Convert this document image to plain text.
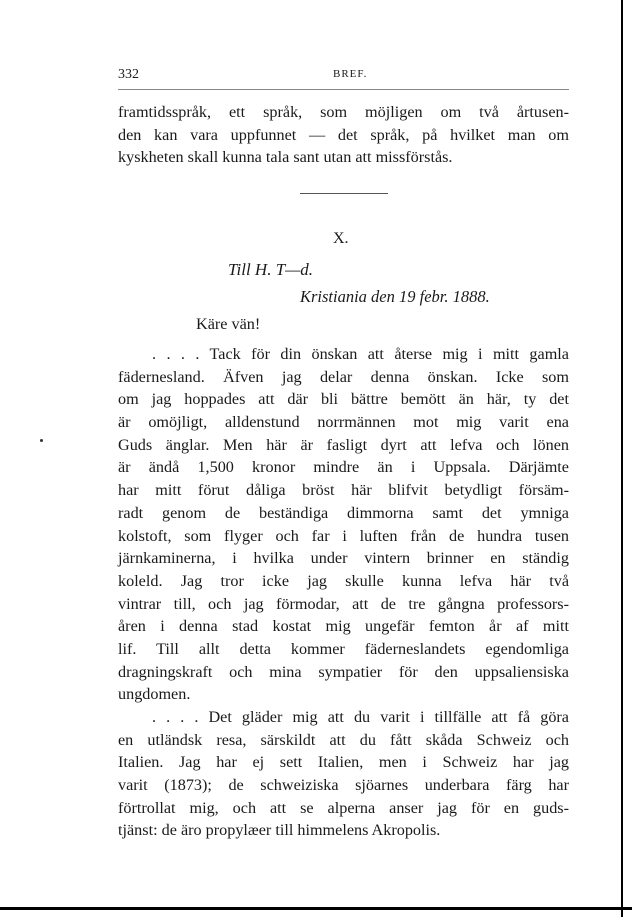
332	BREF.
framtidsspråk, ett språk, som möjligen om två årtusen-
den kan vara uppfunnet — det språk, på hvilket man om
kyskheten skall kunna tala sant utan att missförstås.
X.
Till H. T—d.
Kristiania den 19 febr. 1888.
Käre vän!
. . . . Tack för din önskan att återse mig i mitt gamla
fädernesland. Äfven jag delar denna önskan. Icke som
om jag hoppades att där bli bättre bemött än här, ty det
är omöjligt, alldenstund norrmännen mot mig varit ena
Guds änglar. Men här är fasligt dyrt att lefva och lönen
är ändå 1,500 kronor mindre än i Uppsala. Därjämte
har mitt förut dåliga bröst här blifvit betydligt försäm-
radt genom de beständiga dimmorna samt det ymniga
kolstoft, som flyger och far i luften från de hundra tusen
järnkaminerna, i hvilka under vintern brinner en ständig
koleld. Jag tror icke jag skulle kunna lefva här två
vintrar till, och jag förmodar, att de tre gångna professors-
åren i denna stad kostat mig ungefär femton år af mitt
lif. Till allt detta kommer fäderneslandets egendomliga
dragningskraft och mina sympatier för den uppsaliensiska
ungdomen.
. . . . Det gläder mig att du varit i tillfälle att få göra
en utländsk resa, särskildt att du fått skåda Schweiz och
Italien. Jag har ej sett Italien, men i Schweiz har jag
varit (1873); de schweiziska sjöarnes underbara färg har
förtrollat mig, och att se alperna anser jag för en guds-
tjänst: de äro propylæer till himmelens Akropolis.
